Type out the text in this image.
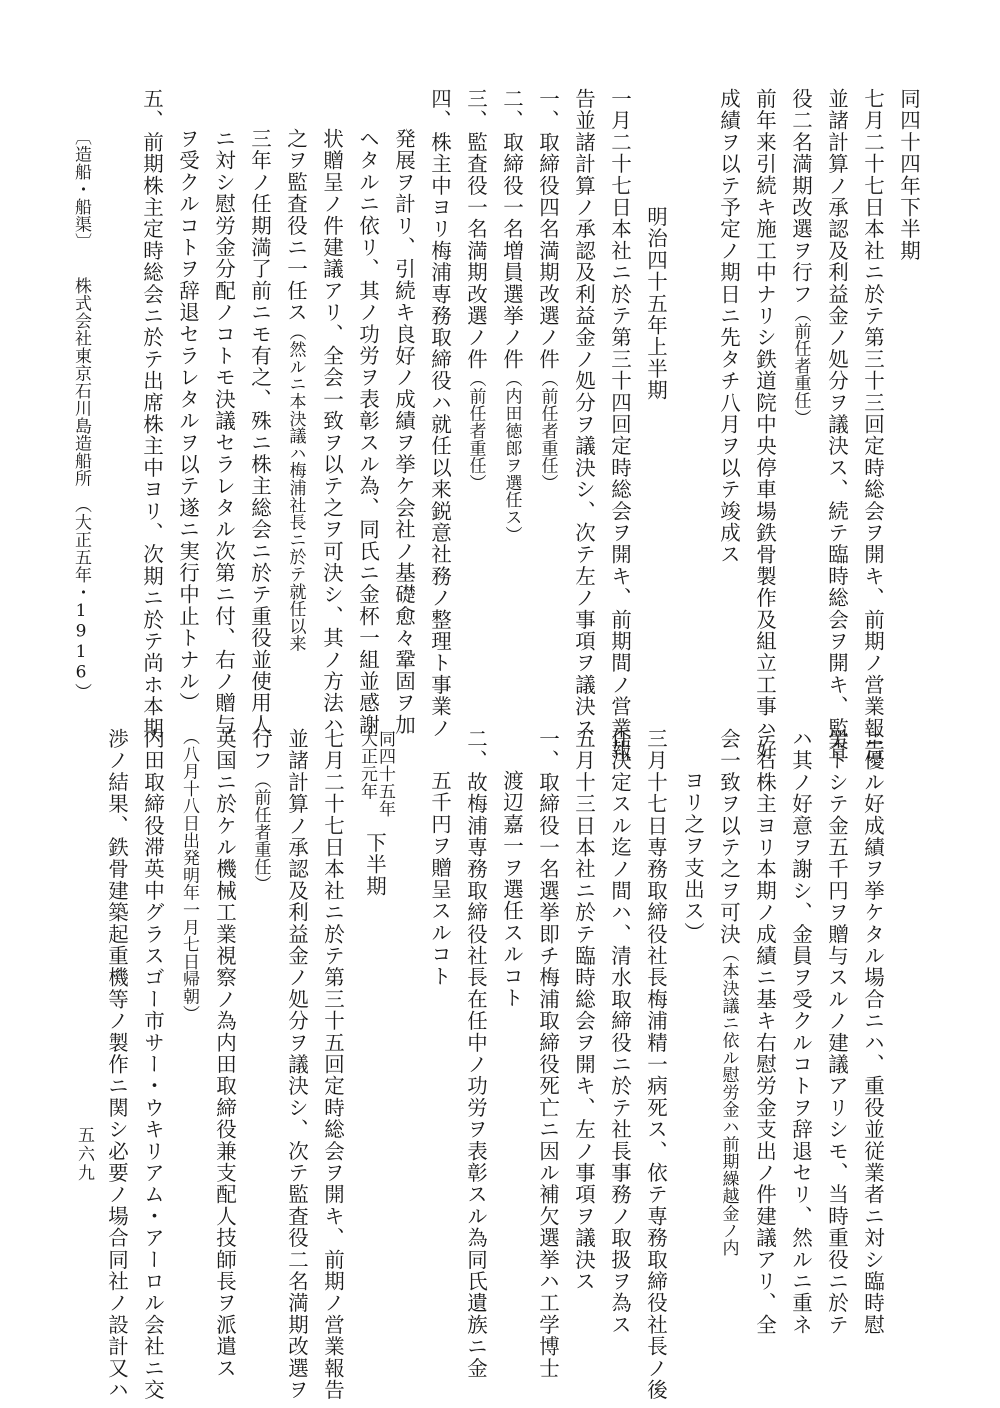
同四十四年下半期
七月二十七日本社ニ於テ第三十三回定時総会ヲ開キ、前期ノ営業報告
並諸計算ノ承認及利益金ノ処分ヲ議決ス、続テ臨時総会ヲ開キ、監査
役二名満期改選ヲ行フ（前任者重任）
前年来引続キ施工中ナリシ鉄道院中央停車場鉄骨製作及組立工事ハ好
成績ヲ以テ予定ノ期日ニ先タチ八月ヲ以テ竣成ス
明治四十五年上半期
一月二十七日本社ニ於テ第三十四回定時総会ヲ開キ、前期間ノ営業報
告並諸計算ノ承認及利益金ノ処分ヲ議決シ、次テ左ノ事項ヲ議決ス
一、取締役四名満期改選ノ件（前任者重任）
二、取締役一名増員選挙ノ件（内田徳郎ヲ選任ス）
三、監査役一名満期改選ノ件（前任者重任）
四、株主中ヨリ梅浦専務取締役ハ就任以来鋭意社務ノ整理ト事業ノ
発展ヲ計リ、引続キ良好ノ成績ヲ挙ケ会社ノ基礎愈々鞏固ヲ加
ヘタルニ依リ、其ノ功労ヲ表彰スル為、同氏ニ金杯一組並感謝
状贈呈ノ件建議アリ、全会一致ヲ以テ之ヲ可決シ、其ノ方法ハ
之ヲ監査役ニ一任ス（然ルニ本決議ハ梅浦社長ニ於テ就任以来
三年ノ任期満了前ニモ有之、殊ニ株主総会ニ於テ重役並使用人
ニ対シ慰労金分配ノコトモ決議セラレタル次第ニ付、右ノ贈与
ヲ受クルコトヲ辞退セラレタルヲ以テ遂ニ実行中止トナル）
五、前期株主定時総会ニ於テ出席株主中ヨリ、次期ニ於テ尚ホ本期
〔造船・船渠〕　　株式会社東京石川島造船所　（大正五年・1916）
ニ優ル好成績ヲ挙ケタル場合ニハ、重役並従業者ニ対シ臨時慰
労トシテ金五千円ヲ贈与スルノ建議アリシモ、当時重役ニ於テ
ハ其ノ好意ヲ謝シ、金員ヲ受クルコトヲ辞退セリ、然ルニ重ネ
テ右株主ヨリ本期ノ成績ニ基キ右慰労金支出ノ件建議アリ、全
会一致ヲ以テ之ヲ可決（本決議ニ依ル慰労金ハ前期繰越金ノ内
ヨリ之ヲ支出ス）
三月十七日専務取締役社長梅浦精一病死ス、依テ専務取締役社長ノ後
任決定スル迄ノ間ハ、清水取締役ニ於テ社長事務ノ取扱ヲ為ス
五月十三日本社ニ於テ臨時総会ヲ開キ、左ノ事項ヲ議決ス
一、取締役一名選挙即チ梅浦取締役死亡ニ因ル補欠選挙ハ工学博士
渡辺嘉一ヲ選任スルコト
二、故梅浦専務取締役社長在任中ノ功労ヲ表彰スル為同氏遺族ニ金
五千円ヲ贈呈スルコト
同四十五年
大正元年
下半期
七月二十七日本社ニ於テ第三十五回定時総会ヲ開キ、前期ノ営業報告
並諸計算ノ承認及利益金ノ処分ヲ議決シ、次テ監査役二名満期改選ヲ
行フ（前任者重任）
英国ニ於ケル機械工業視察ノ為内田取締役兼支配人技師長ヲ派遣ス
（八月十八日出発明年一月七日帰朝）
内田取締役滞英中グラスゴー市サー・ウキリアム・アーロル会社ニ交
渉ノ結果、鉄骨建築起重機等ノ製作ニ関シ必要ノ場合同社ノ設計又ハ
五六九
